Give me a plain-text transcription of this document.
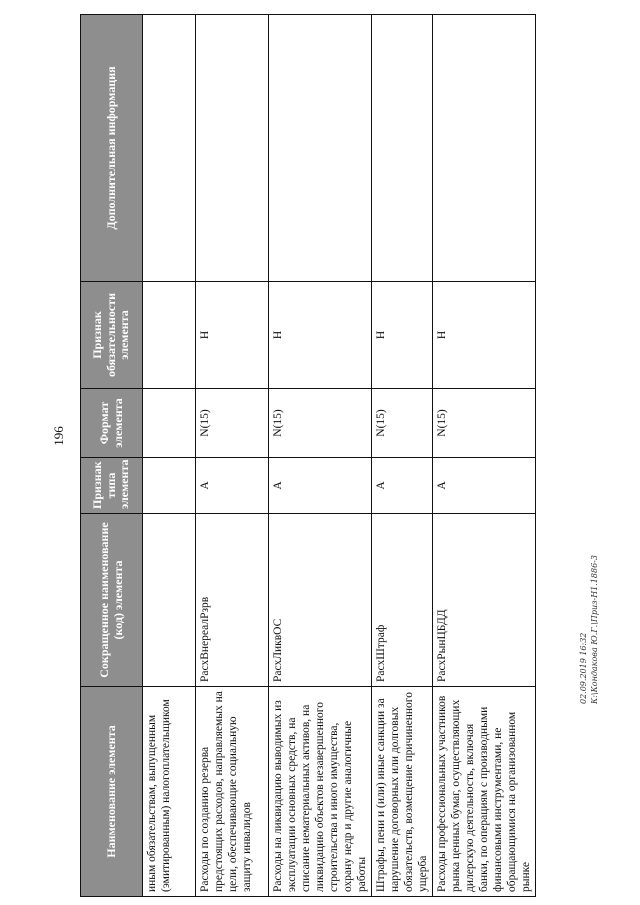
196
Наименование элемента	Сокращенное наименование (код) элемента	Признак типа элемента	Формат элемента	Признак обязательности элемента	Дополнительная информация
иным обязательствам, выпущенным (эмитированным) налогоплательщиком					
Расходы по созданию резерва предстоящих расходов, направляемых на цели, обеспечивающие социальную защиту инвалидов	РасхВнереалРзрв	А	N(15)	Н	
Расходы на ликвидацию выводимых из эксплуатации основных средств, на списание нематериальных активов, на ликвидацию объектов незавершенного строительства и иного имущества, охрану недр и другие аналогичные работы	РасхЛиквОС	А	N(15)	Н	
Штрафы, пени и (или) иные санкции за нарушение договорных или долговых обязательств, возмещение причиненного ущерба	РасхШтраф	А	N(15)	Н	
Расходы профессиональных участников рынка ценных бумаг, осуществляющих дилерскую деятельность, включая банки, по операциям с производными финансовыми инструментами, не обращающимися на организованном рынке	РасхРынЦБДД	А	N(15)	Н	
02.09.2019 16:32 К:\Кондакова Ю.Г.\Приз-Н1.1886-3
